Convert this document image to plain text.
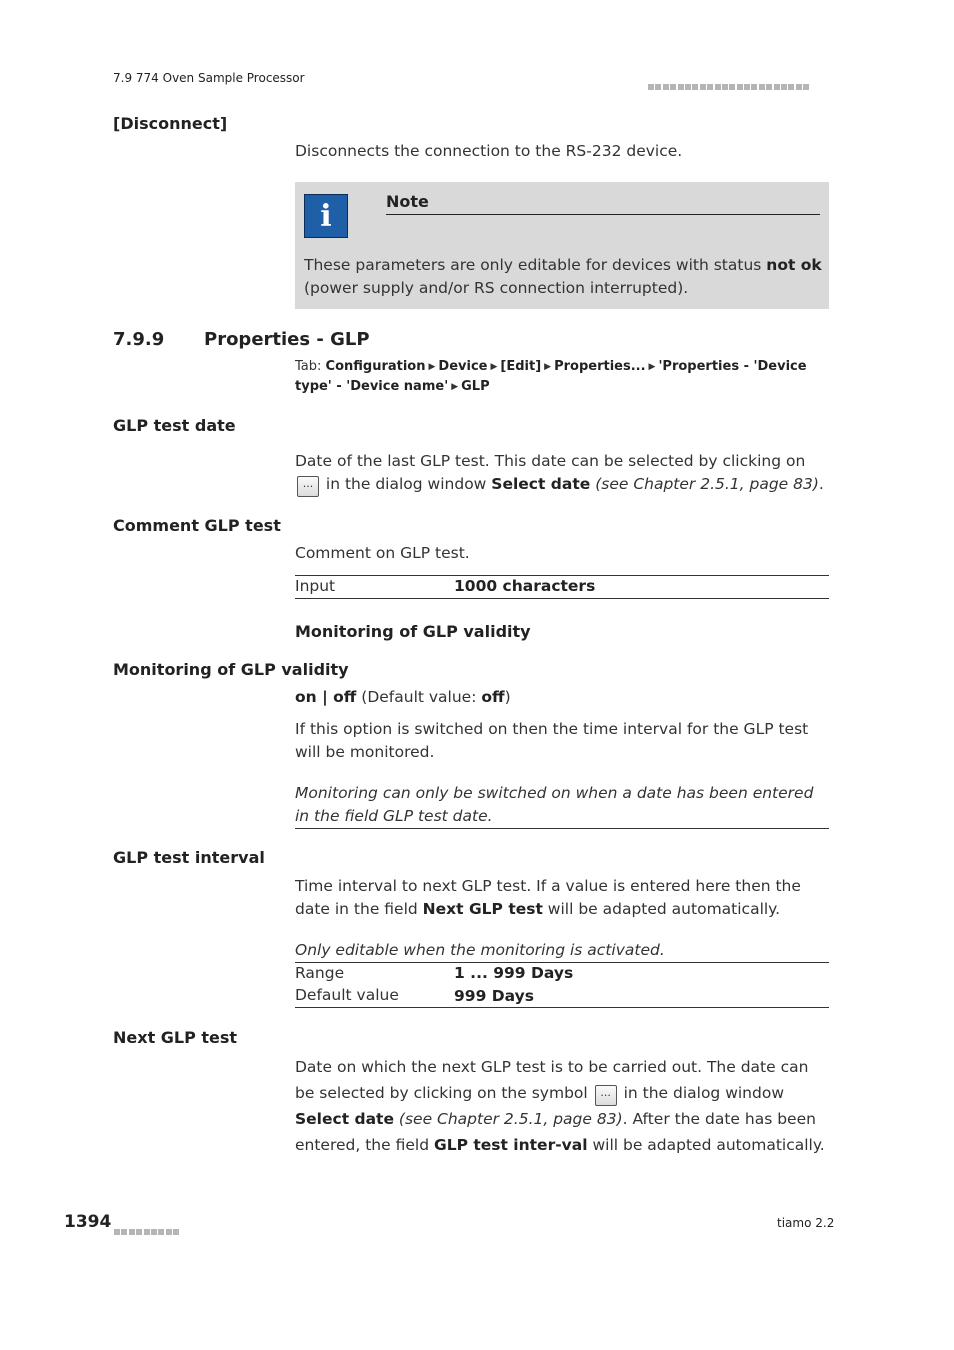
7.9 774 Oven Sample Processor
[Disconnect]
Disconnects the connection to the RS-232 device.
i	Note
These parameters are only editable for devices with status not ok (power supply and/or RS connection interrupted).
7.9.9 Properties - GLP
Tab: Configuration ▶ Device ▶ [Edit] ▶ Properties... ▶ 'Properties - 'Device type' - 'Device name' ▶ GLP
GLP test date
Date of the last GLP test. This date can be selected by clicking on ... in the dialog window Select date (see Chapter 2.5.1, page 83).
Comment GLP test
Comment on GLP test.
Input	1000 characters
Monitoring of GLP validity
Monitoring of GLP validity
on | off (Default value: off)
If this option is switched on then the time interval for the GLP test will be monitored.
Monitoring can only be switched on when a date has been entered in the field GLP test date.
GLP test interval
Time interval to next GLP test. If a value is entered here then the date in the field Next GLP test will be adapted automatically.
Only editable when the monitoring is activated.
Range	1 ... 999 Days
Default value	999 Days
Next GLP test
Date on which the next GLP test is to be carried out. The date can be selected by clicking on the symbol ... in the dialog window Select date (see Chapter 2.5.1, page 83). After the date has been entered, the field GLP test inter-val will be adapted automatically.
1394	tiamo 2.2
